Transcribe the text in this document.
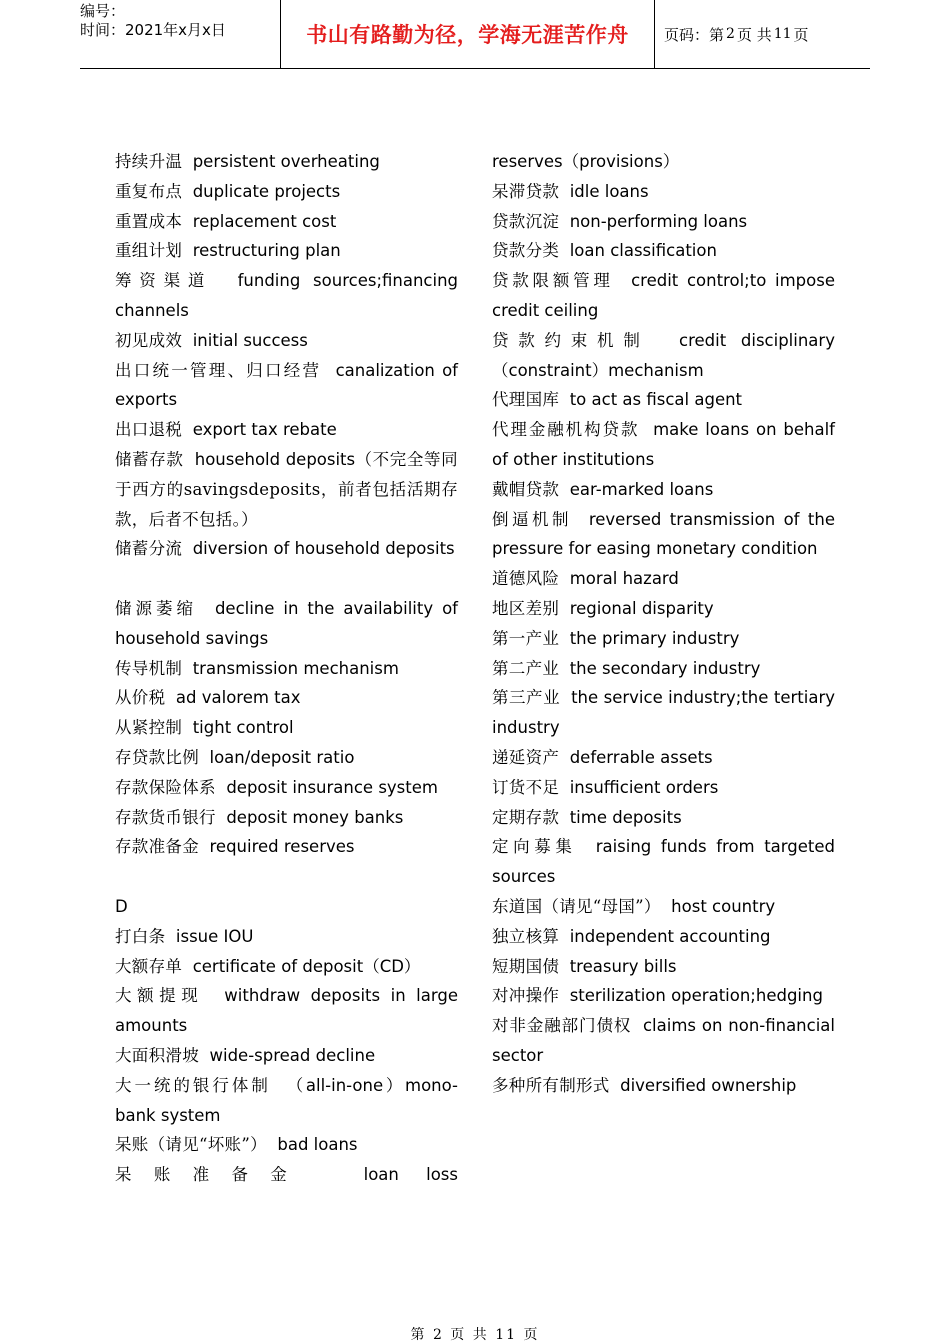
编号：
时间：2021年x月x日	书山有路勤为径，学海无涯苦作舟 页码：第 2 页 共 11 页
持续升温 persistent overheating
重复布点 duplicate projects
重置成本 replacement cost
重组计划 restructuring plan
筹资渠道 funding sources;financing channels
初见成效 initial success
出口统一管理、归口经营 canalization of exports
出口退税 export tax rebate
储蓄存款 household deposits（不完全等同于西方的savingsdeposits，前者包括活期存款，后者不包括。）
储蓄分流 diversion of household deposits
储源萎缩 decline in the availability of household savings
传导机制 transmission mechanism
从价税 ad valorem tax
从紧控制 tight control
存贷款比例 loan/deposit ratio
存款保险体系 deposit insurance system
存款货币银行 deposit money banks
存款准备金 required reserves
D
打白条 issue IOU
大额存单 certificate of deposit（CD）
大额提现 withdraw deposits in large amounts
大面积滑坡 wide-spread decline
大一统的银行体制 （all-in-one）mono-bank system
呆账（请见“坏账”） bad loans
呆账准备金	loan loss
reserves（provisions）
呆滞贷款 idle loans
贷款沉淀 non-performing loans
贷款分类 loan classification
贷款限额管理 credit control;to impose credit ceiling
贷款约束机制 credit disciplinary（constraint）mechanism
代理国库 to act as fiscal agent
代理金融机构贷款 make loans on behalf of other institutions
戴帽贷款 ear-marked loans
倒逼机制 reversed transmission of the pressure for easing monetary condition
道德风险 moral hazard
地区差别 regional disparity
第一产业 the primary industry
第二产业 the secondary industry
第三产业 the service industry;the tertiary industry
递延资产 deferrable assets
订货不足 insufficient orders
定期存款 time deposits
定向募集 raising funds from targeted sources
东道国（请见“母国”） host country
独立核算 independent accounting
短期国债 treasury bills
对冲操作 sterilization operation;hedging
对非金融部门债权 claims on non-financial sector
多种所有制形式 diversified ownership
第 2 页 共 11 页
